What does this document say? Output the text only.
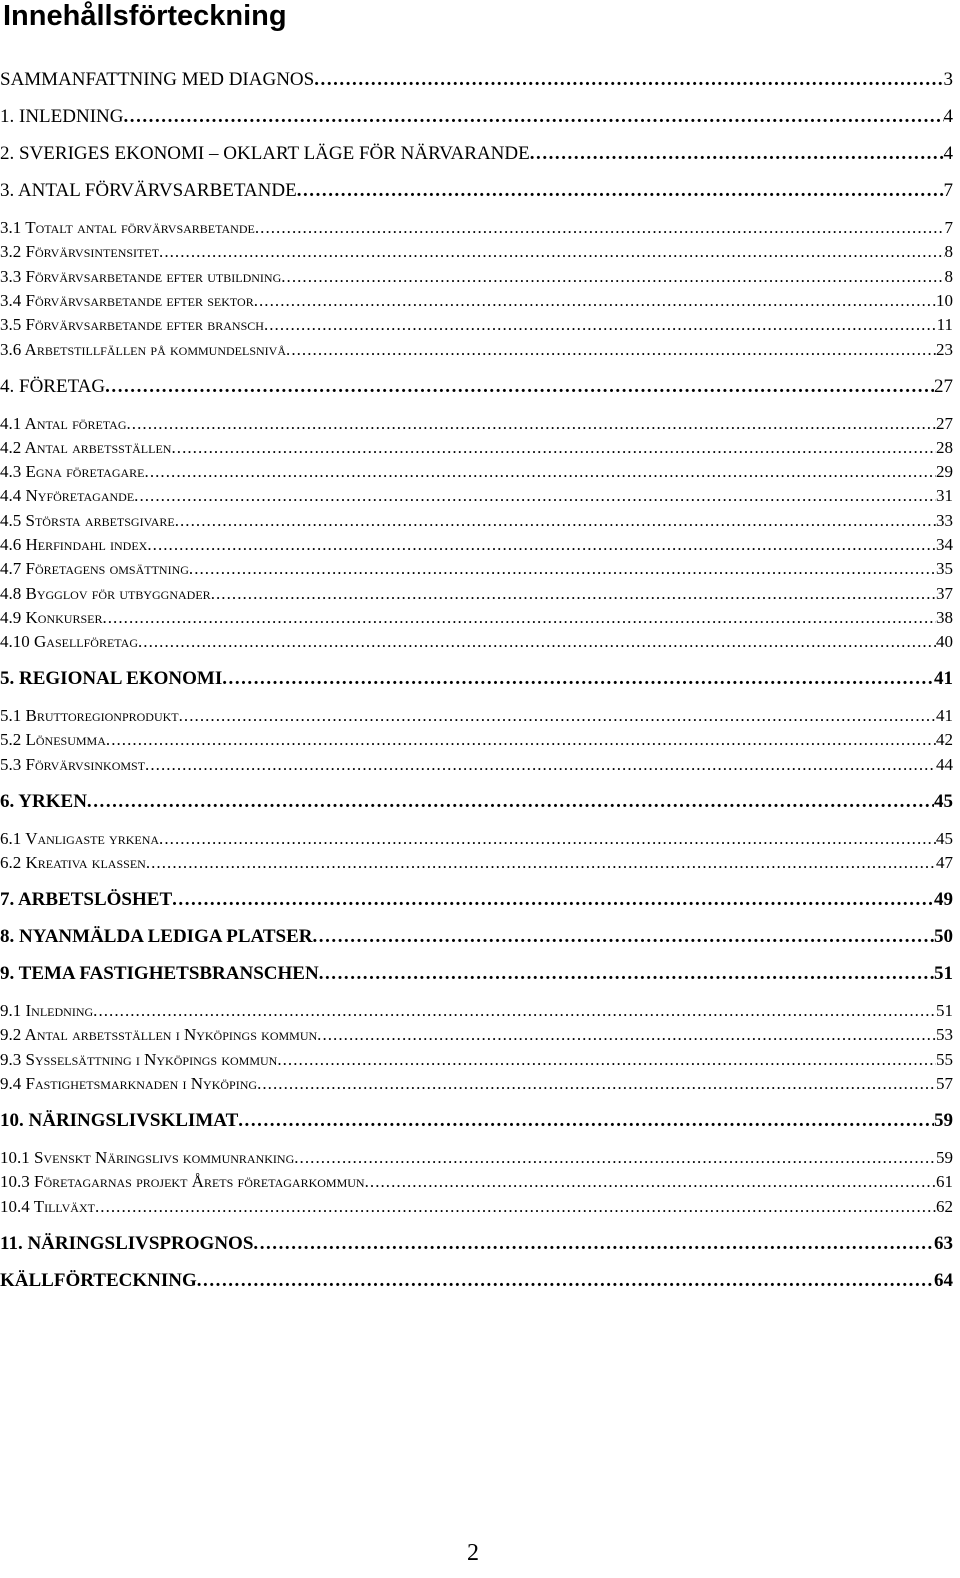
Innehållsförteckning
SAMMANFATTNING MED DIAGNOS . . .	3
1. INLEDNING . . .	4
2. SVERIGES EKONOMI – OKLART LÄGE FÖR NÄRVARANDE . . .	4
3. ANTAL FÖRVÄRVSARBETANDE . . .	7
3.1 Totalt antal förvärvsarbetande . . .	7
3.2 Förvärvsintensitet . . .	8
3.3 Förvärvsarbetande efter utbildning . . .	8
3.4 Förvärvsarbetande efter sektor . . .	10
3.5 Förvärvsarbetande efter bransch . . .	11
3.6 Arbetstillfällen på kommundelsnivå . . .	23
4. FÖRETAG . . .	27
4.1 Antal företag . . .	27
4.2 Antal arbetsställen . . .	28
4.3 Egna företagare . . .	29
4.4 Nyföretagande . . .	31
4.5 Största arbetsgivare . . .	33
4.6 Herfindahl index . . .	34
4.7 Företagens omsättning . . .	35
4.8 Bygglov för utbyggnader . . .	37
4.9 Konkurser . . .	38
4.10 Gasellföretag . . .	40
5. REGIONAL EKONOMI . . .	41
5.1 Bruttoregionprodukt . . .	41
5.2 Lönesumma . . .	42
5.3 Förvärvsinkomst . . .	44
6. YRKEN . . .	45
6.1 Vanligaste yrkena . . .	45
6.2 Kreativa klassen . . .	47
7. ARBETSLÖSHET . . .	49
8. NYANMÄLDA LEDIGA PLATSER . . .	50
9. TEMA FASTIGHETSBRANSCHEN . . .	51
9.1 Inledning . . .	51
9.2 Antal arbetsställen i Nyköpings kommun . . .	53
9.3 Sysselsättning i Nyköpings kommun . . .	55
9.4 Fastighetsmarknaden i Nyköping . . .	57
10. NÄRINGSLIVSKLIMAT . . .	59
10.1 Svenskt Näringslivs kommunranking . . .	59
10.3 Företagarnas projekt Årets företagarkommun . . .	61
10.4 Tillväxt . . .	62
11. NÄRINGSLIVSPROGNOS . . .	63
KÄLLFÖRTECKNING . . .	64
2
